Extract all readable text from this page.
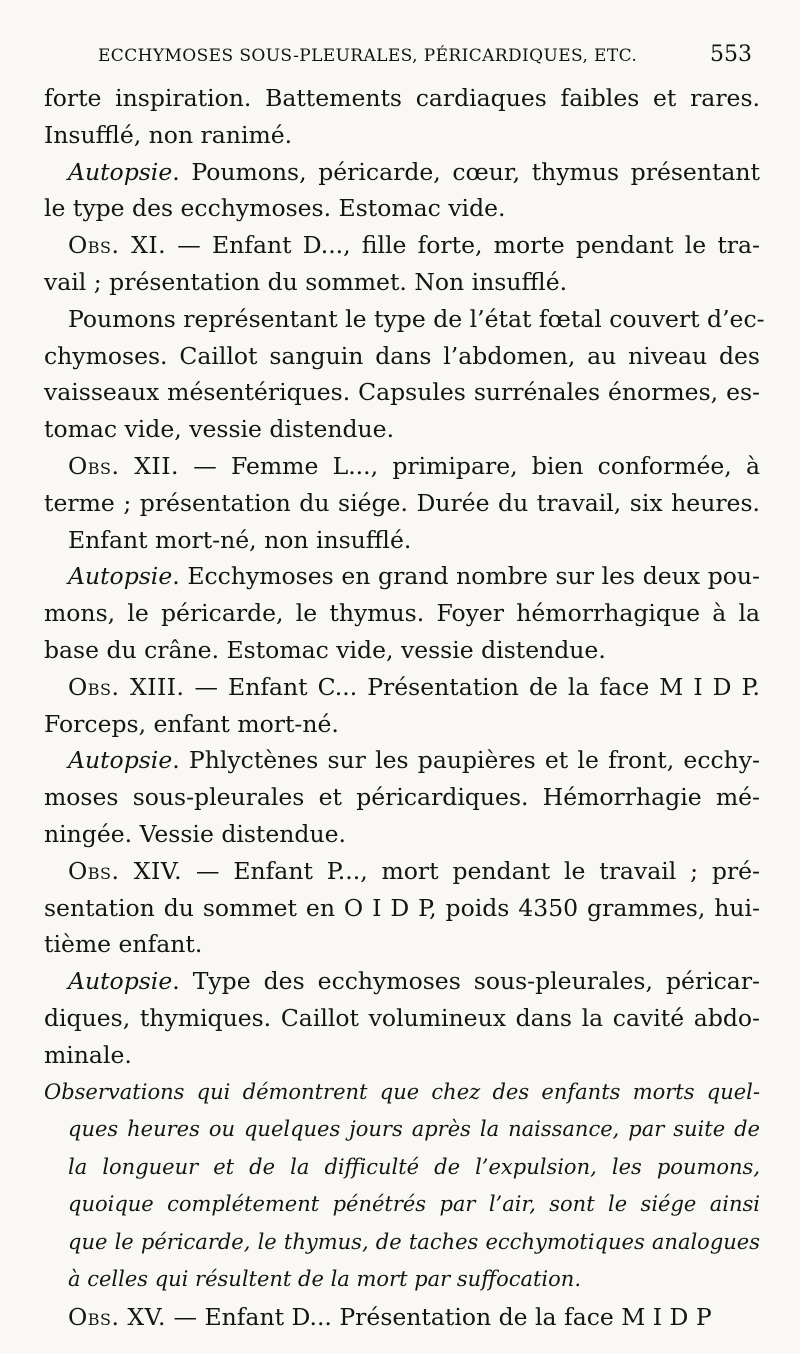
ECCHYMOSES SOUS-PLEURALES, PÉRICARDIQUES, ETC.	553
forte inspiration. Battements cardiaques faibles et rares.
Insufflé, non ranimé.
Autopsie. Poumons, péricarde, cœur, thymus présentant
le type des ecchymoses. Estomac vide.
Obs. XI. — Enfant D..., fille forte, morte pendant le tra-
vail ; présentation du sommet. Non insufflé.
Poumons représentant le type de l’état fœtal couvert d’ec-
chymoses. Caillot sanguin dans l’abdomen, au niveau des
vaisseaux mésentériques. Capsules surrénales énormes, es-
tomac vide, vessie distendue.
Obs. XII. — Femme L..., primipare, bien conformée, à
terme ; présentation du siége. Durée du travail, six heures.
Enfant mort-né, non insufflé.
Autopsie. Ecchymoses en grand nombre sur les deux pou-
mons, le péricarde, le thymus. Foyer hémorrhagique à la
base du crâne. Estomac vide, vessie distendue.
Obs. XIII. — Enfant C... Présentation de la face M I D P.
Forceps, enfant mort-né.
Autopsie. Phlyctènes sur les paupières et le front, ecchy-
moses sous-pleurales et péricardiques. Hémorrhagie mé-
ningée. Vessie distendue.
Obs. XIV. — Enfant P..., mort pendant le travail ; pré-
sentation du sommet en O I D P, poids 4350 grammes, hui-
tième enfant.
Autopsie. Type des ecchymoses sous-pleurales, péricar-
diques, thymiques. Caillot volumineux dans la cavité abdo-
minale.
Observations qui démontrent que chez des enfants morts quel-
ques heures ou quelques jours après la naissance, par suite de
la longueur et de la difficulté de l’expulsion, les poumons,
quoique complétement pénétrés par l’air, sont le siége ainsi
que le péricarde, le thymus, de taches ecchymotiques analogues
à celles qui résultent de la mort par suffocation.
Obs. XV. — Enfant D... Présentation de la face M I D P
